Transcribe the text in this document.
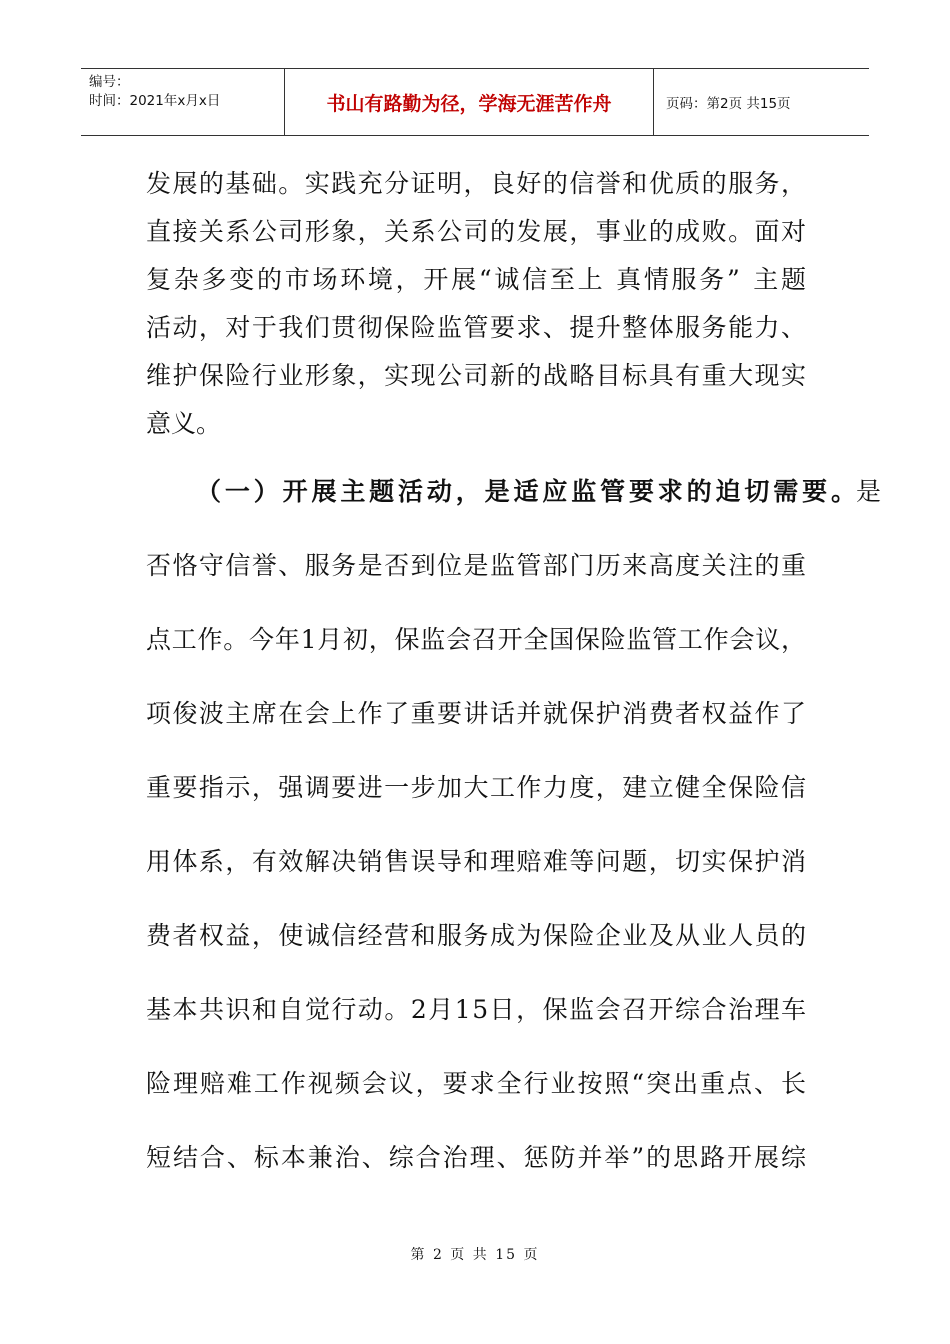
编号：
时间：2021年x月x日	书山有路勤为径，学海无涯苦作舟	页码：第2页 共15页
发展的基础。实践充分证明，良好的信誉和优质的服务，
直接关系公司形象，关系公司的发展，事业的成败。面对
复杂多变的市场环境，开展“诚信至上 真情服务” 主题
活动，对于我们贯彻保险监管要求、提升整体服务能力、
维护保险行业形象，实现公司新的战略目标具有重大现实
意义。
（一）开展主题活动，是适应监管要求的迫切需要。
是
否恪守信誉、服务是否到位是监管部门历来高度关注的重
点工作。今年1月初，保监会召开全国保险监管工作会议，
项俊波主席在会上作了重要讲话并就保护消费者权益作了
重要指示，强调要进一步加大工作力度，建立健全保险信
用体系，有效解决销售误导和理赔难等问题，切实保护消
费者权益，使诚信经营和服务成为保险企业及从业人员的
基本共识和自觉行动。2月15日，保监会召开综合治理车
险理赔难工作视频会议，要求全行业按照“突出重点、长
短结合、标本兼治、综合治理、惩防并举”的思路开展综
第 2 页 共 15 页
